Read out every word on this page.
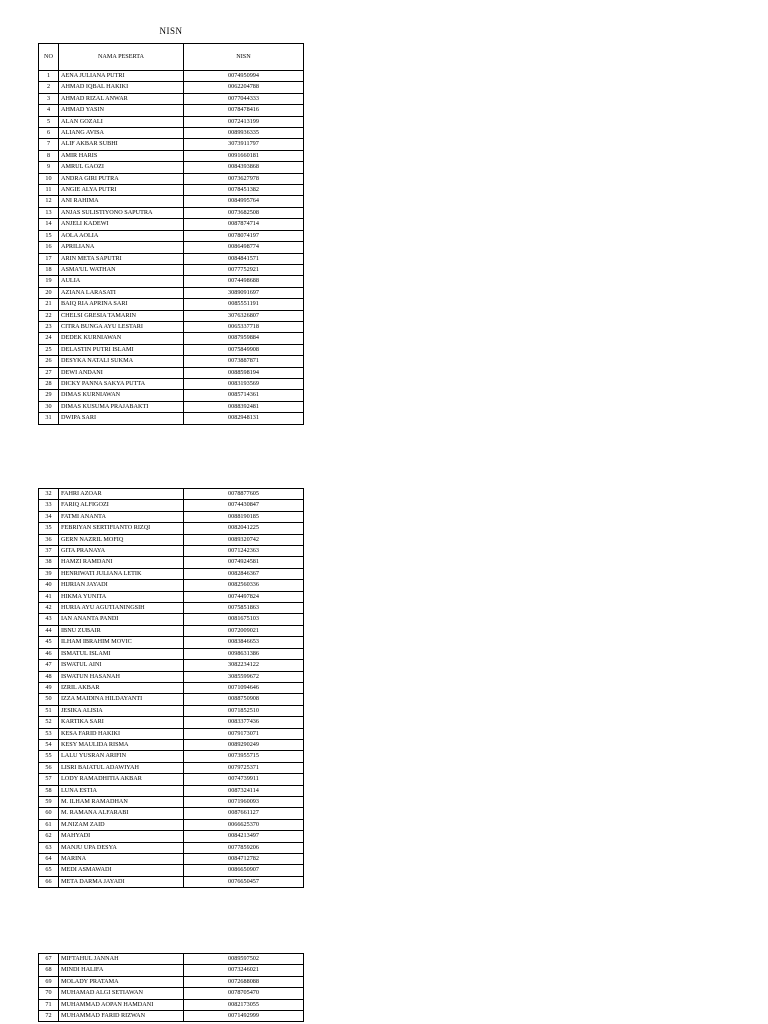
NISN
NO	NAMA PESERTA	NISN
1	AENA JULIANA PUTRI	0074950994
2	AHMAD IQBAL HAKIKI	0062204788
3	AHMAD RIZAL ANWAR	0077044333
4	AHMAD YASIN	0078478416
5	ALAN GOZALI	0072413199
6	ALIANG AVISA	0089936335
7	ALIF AKBAR SUBHI	3073911797
8	AMIR HARIS	0091660181
9	AMRUL GAOZI	0084393868
10	ANDRA GIRI PUTRA	0073627978
11	ANGIE ALYA PUTRI	0078451382
12	ANI RAHIMA	0084995764
13	ANJAS SULISTIYONO SAPUTRA	0073682508
14	ANJELI KADEWI	0087874714
15	AOLA AOLIA	0078074197
16	APRILIANA	0086498774
17	ARIN META SAPUTRI	0084841571
18	ASMA'UL WATHAN	0077752921
19	AULIA	0074498688
20	AZIANA LARASATI	3089091697
21	BAIQ RIA APRINA SARI	0085551191
22	CHELSI GRESIA TAMARIN	3076326807
23	CITRA BUNGA AYU LESTARI	0065337718
24	DEDEK KURNIAWAN	0087959884
25	DELASTIN PUTRI ISLAMI	0075849908
26	DESYKA NATALI SUKMA	0073887871
27	DEWI ANDANI	0088598194
28	DICKY PANNA SAKYA PUTTA	0083193569
29	DIMAS KURNIAWAN	0085714361
30	DIMAS KUSUMA PRAJABAKTI	0088392481
31	DWIPA SARI	0082948131
32	FAHRI AZOAR	0078877605
33	FARIQ ALFIGOZI	0074430847
34	FATMI ANANTA	0088190185
35	FEBRIYAN SERTIFIANTO RIZQI	0082041225
36	GERN NAZRIL MOFIQ	0089320742
37	GITA PRANAYA	0071242363
38	HAMZI RAMDANI	0074924581
39	HENRIWATI JULIANA LETIK	0082846367
40	HIJRIAN JAYADI	0082560336
41	HIKMA YUNITA	0074497824
42	HURIA AYU AGUTIANINGSIH	0075851863
43	IAN ANANTA PANDI	0081675103
44	IBNU ZUBAIR	0072009021
45	ILHAM IBRAHIM MOVIC	0083846653
46	ISMATUL ISLAMI	0098631386
47	ISWATUL AINI	3082234122
48	ISWATUN HASANAH	3085599672
49	IZRIL AKBAR	0071094646
50	IZZA MAIDINA HILDAYANTI	0088750908
51	JESIKA ALISIA	0071852510
52	KARTIKA SARI	0083377436
53	KESA FARID HAKIKI	0079173071
54	KESY MAULIDA RISMA	0089290249
55	LALU YUSRAN ARIFIN	0073955715
56	LISRI BAIATUL ADAWIYAH	0079725371
57	LODY RAMADHITIA AKBAR	0074739911
58	LUNA ESTIA	0087324114
59	M. ILHAM RAMADHAN	0071960093
60	M. RAMANA ALFARABI	0087661127
61	M.NIZAM ZAID	0066625370
62	MAHYADI	0084213497
63	MANJU UPA DESYA	0077859206
64	MARINA	0084712782
65	MEDI ASMAWADI	0086650907
66	META DARMA JAYADI	0076650457
67	MIFTAHUL JANNAH	0089597502
68	MINDI HALIFA	0073246021
69	MOLADY PRATAMA	0072688088
70	MUHAMAD ALGI SETIAWAN	0078705470
71	MUHAMMAD AOPAN HAMDANI	0082173055
72	MUHAMMAD FARID RIZWAN	0071492999
